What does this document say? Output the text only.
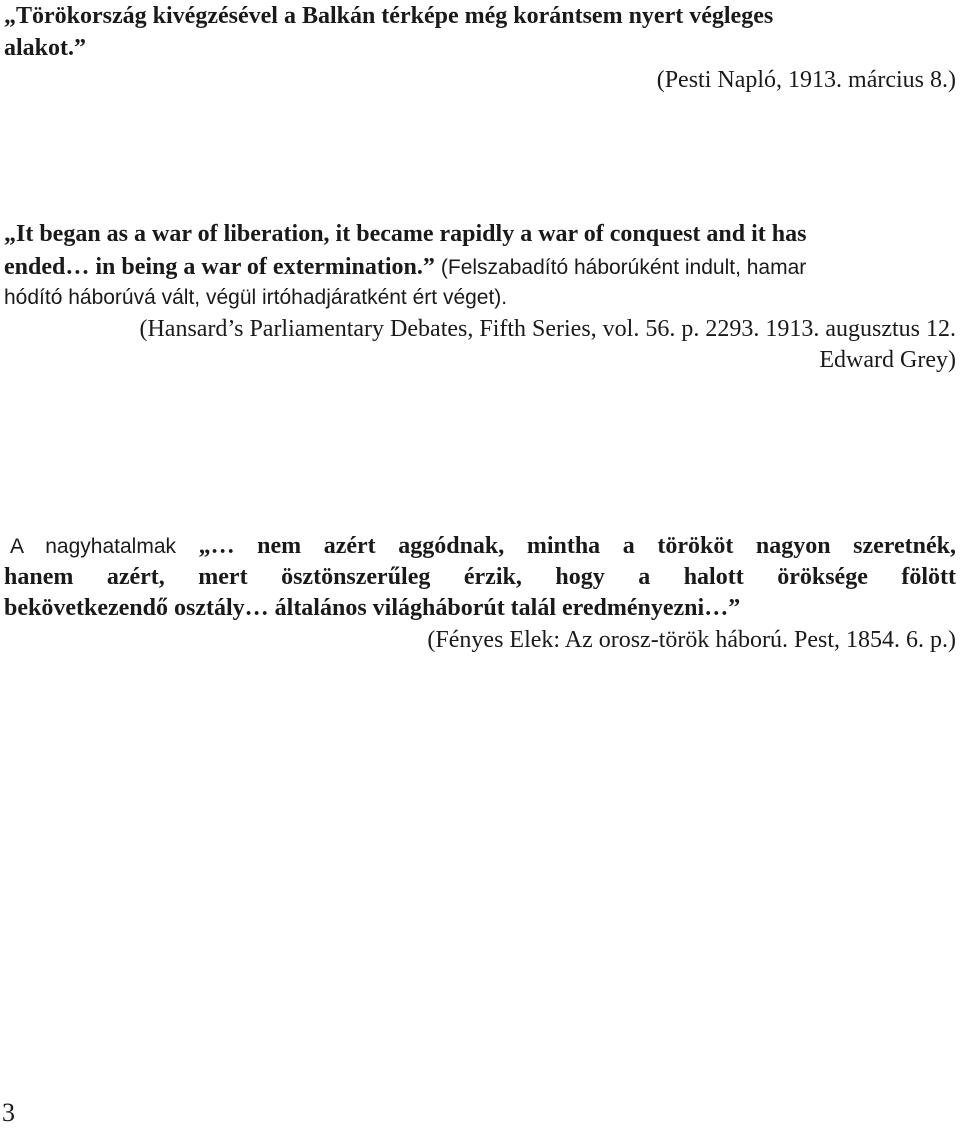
„Törökország kivégzésével a Balkán térképe még korántsem nyert végleges
alakot.”
(Pesti Napló, 1913. március 8.)
„It began as a war of liberation, it became rapidly a war of conquest and it has
ended… in being a war of extermination.” (Felszabadító háborúként indult, hamar
hódító háborúvá vált, végül irtóhadjáratként ért véget).
(Hansard’s Parliamentary Debates, Fifth Series, vol. 56. p. 2293. 1913. augusztus 12.
Edward Grey)
A nagyhatalmak „… nem azért aggódnak, mintha a törököt nagyon szeretnék,
hanem azért, mert ösztönszerűleg érzik, hogy a halott öröksége fölött
bekövetkezendő osztály… általános világháborút talál eredményezni…”
(Fényes Elek: Az orosz-török háború. Pest, 1854. 6. p.)
3
